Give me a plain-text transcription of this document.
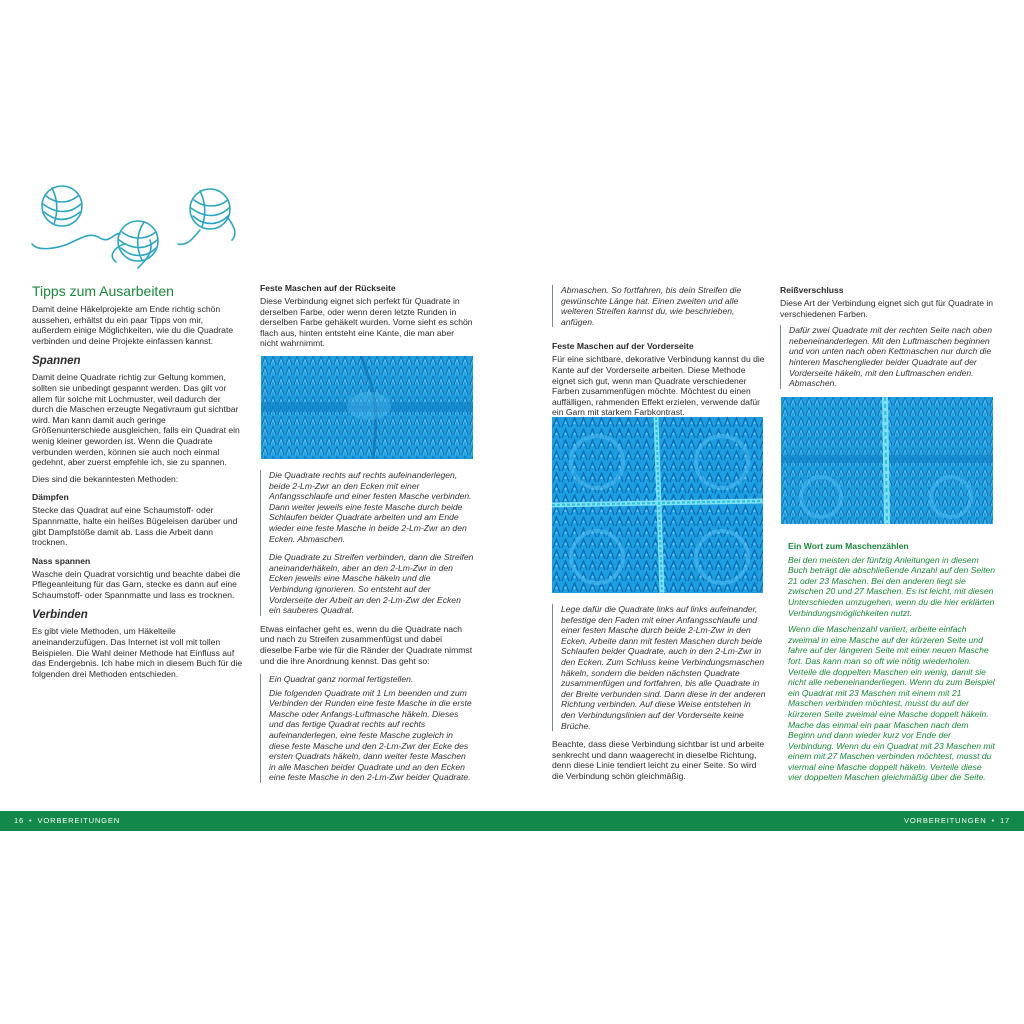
Tipps zum Ausarbeiten

Damit deine Häkelprojekte am Ende richtig schön aussehen, erhältst du ein paar Tipps von mir, außerdem einige Möglichkeiten, wie du die Quadrate verbinden und deine Projekte einfassen kannst.

Spannen

Damit deine Quadrate richtig zur Geltung kommen, sollten sie unbedingt gespannt werden. Das gilt vor allem für solche mit Lochmuster, weil dadurch der durch die Maschen erzeugte Negativraum gut sichtbar wird. Man kann damit auch geringe Größenunterschiede ausgleichen, falls ein Quadrat ein wenig kleiner geworden ist. Wenn die Quadrate verbunden werden, können sie auch noch einmal gedehnt, aber zuerst empfehle ich, sie zu spannen.

Dies sind die bekanntesten Methoden:

Dämpfen

Stecke das Quadrat auf eine Schaumstoff- oder Spannmatte, halte ein heißes Bügeleisen darüber und gibt Dampfstöße damit ab. Lass die Arbeit dann trocknen.

Nass spannen

Wasche dein Quadrat vorsichtig und beachte dabei die Pflegeanleitung für das Garn, stecke es dann auf eine Schaumstoff- oder Spannmatte und lass es trocknen.

Verbinden

Es gibt viele Methoden, um Häkelteile aneinanderzufügen. Das Internet ist voll mit tollen Beispielen. Die Wahl deiner Methode hat Einfluss auf das Endergebnis. Ich habe mich in diesem Buch für die folgenden drei Methoden entschieden.

Feste Maschen auf der Rückseite

Diese Verbindung eignet sich perfekt für Quadrate in derselben Farbe, oder wenn deren letzte Runden in derselben Farbe gehäkelt wurden. Vorne sieht es schön flach aus, hinten entsteht eine Kante, die man aber nicht wahrnimmt.

Die Quadrate rechts auf rechts aufeinanderlegen, beide 2-Lm-Zwr an den Ecken mit einer Anfangsschlaufe und einer festen Masche verbinden. Dann weiter jeweils eine feste Masche durch beide Schlaufen beider Quadrate arbeiten und am Ende wieder eine feste Masche in beide 2-Lm-Zwr an den Ecken. Abmaschen.

Die Quadrate zu Streifen verbinden, dann die Streifen aneinanderhäkeln, aber an den 2-Lm-Zwr in den Ecken jeweils eine Masche häkeln und die Verbindung ignorieren. So entsteht auf der Vorderseite der Arbeit an den 2-Lm-Zwr der Ecken ein sauberes Quadrat.

Etwas einfacher geht es, wenn du die Quadrate nach und nach zu Streifen zusammenfügst und dabei dieselbe Farbe wie für die Ränder der Quadrate nimmst und die ihre Anordnung kennst. Das geht so:

Ein Quadrat ganz normal fertigstellen.

Die folgenden Quadrate mit 1 Lm beenden und zum Verbinden der Runden eine feste Masche in die erste Masche oder Anfangs-Luftmasche häkeln. Dieses und das fertige Quadrat rechts auf rechts aufeinanderlegen, eine feste Masche zugleich in diese feste Masche und den 2-Lm-Zwr der Ecke des ersten Quadrats häkeln, dann weiter feste Maschen in alle Maschen beider Quadrate und an den Ecken eine feste Masche in den 2-Lm-Zwr beider Quadrate.

Abmaschen. So fortfahren, bis dein Streifen die gewünschte Länge hat. Einen zweiten und alle weiteren Streifen kannst du, wie beschrieben, anfügen.

Feste Maschen auf der Vorderseite

Für eine sichtbare, dekorative Verbindung kannst du die Kante auf der Vorderseite arbeiten. Diese Methode eignet sich gut, wenn man Quadrate verschiedener Farben zusammenfügen möchte. Möchtest du einen auffälligen, rahmenden Effekt erzielen, verwende dafür ein Garn mit starkem Farbkontrast.

Lege dafür die Quadrate links auf links aufeinander, befestige den Faden mit einer Anfangsschlaufe und einer festen Masche durch beide 2-Lm-Zwr in den Ecken. Arbeite dann mit festen Maschen durch beide Schlaufen beider Quadrate, auch in den 2-Lm-Zwr in den Ecken. Zum Schluss keine Verbindungsmaschen häkeln, sondern die beiden nächsten Quadrate zusammenfügen und fortfahren, bis alle Quadrate in der Breite verbunden sind. Dann diese in der anderen Richtung verbinden. Auf diese Weise entstehen in den Verbindungslinien auf der Vorderseite keine Brüche.

Beachte, dass diese Verbindung sichtbar ist und arbeite senkrecht und dann waagerecht in dieselbe Richtung, denn diese Linie tendiert leicht zu einer Seite. So wird die Verbindung schön gleichmäßig.

Reißverschluss

Diese Art der Verbindung eignet sich gut für Quadrate in verschiedenen Farben.

Dafür zwei Quadrate mit der rechten Seite nach oben nebeneinanderlegen. Mit den Luftmaschen beginnen und von unten nach oben Kettmaschen nur durch die hinteren Maschenglieder beider Quadrate auf der Vorderseite häkeln, mit den Luftmaschen enden. Abmaschen.

Ein Wort zum Maschenzählen

Bei den meisten der fünfzig Anleitungen in diesem Buch beträgt die abschließende Anzahl auf den Seiten 21 oder 23 Maschen. Bei den anderen liegt sie zwischen 20 und 27 Maschen. Es ist leicht, mit diesen Unterschieden umzugehen, wenn du die hier erklärten Verbindungsmöglichkeiten nutzt.

Wenn die Maschenzahl variiert, arbeite einfach zweimal in eine Masche auf der kürzeren Seite und fahre auf der längeren Seite mit einer neuen Masche fort. Das kann man so oft wie nötig wiederholen. Verteile die doppelten Maschen ein wenig, damit sie nicht alle nebeneinanderliegen. Wenn du zum Beispiel ein Quadrat mit 23 Maschen mit einem mit 21 Maschen verbinden möchtest, musst du auf der kürzeren Seite zweimal eine Masche doppelt häkeln. Mache das einmal ein paar Maschen nach dem Beginn und dann wieder kurz vor Ende der Verbindung. Wenn du ein Quadrat mit 23 Maschen mit einem mit 27 Maschen verbinden möchtest, musst du viermal eine Masche doppelt häkeln. Verteile diese vier doppelten Maschen gleichmäßig über die Seite.

16 • VORBEREITUNGEN	VORBEREITUNGEN • 17
